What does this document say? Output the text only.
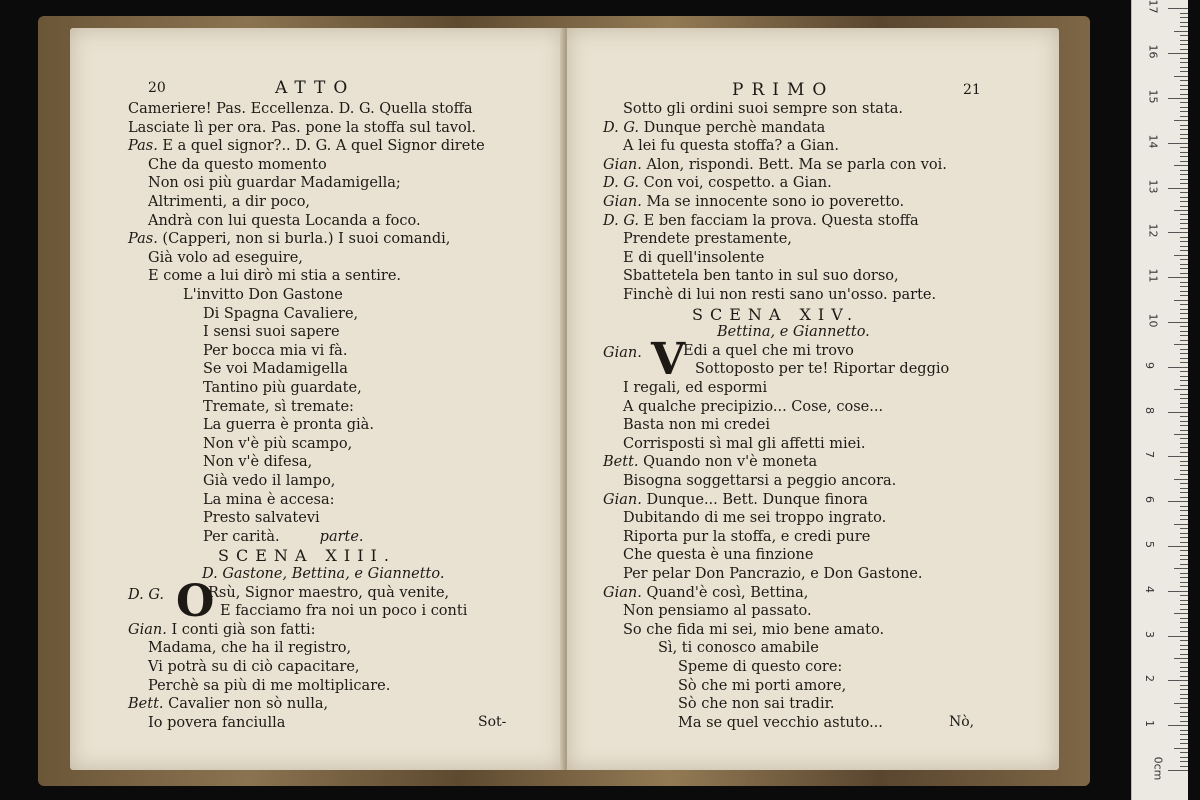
20	ATTO
Cameriere! Pas. Eccellenza. D. G. Quella stoffa
Lasciate lì per ora. Pas. pone la stoffa sul tavol.
Pas. E a quel signor?.. D. G. A quel Signor direte
Che da questo momento
Non osi più guardar Madamigella;
Altrimenti, a dir poco,
Andrà con lui questa Locanda a foco.
Pas. (Capperi, non si burla.) I suoi comandi,
Già volo ad eseguire,
E come a lui dirò mi stia a sentire.
L'invitto Don Gastone
Di Spagna Cavaliere,
I sensi suoi sapere
Per bocca mia vi fà.
Se voi Madamigella
Tantino più guardate,
Tremate, sì tremate:
La guerra è pronta già.
Non v'è più scampo,
Non v'è difesa,
Già vedo il lampo,
La mina è accesa:
Presto salvatevi
Per carità.	parte.
SCENA XIII.
D. Gastone, Bettina, e Giannetto.
D. G. O
Rsù, Signor maestro, quà venite,
E facciamo fra noi un poco i conti
Gian. I conti già son fatti:
Madama, che ha il registro,
Vi potrà su di ciò capacitare,
Perchè sa più di me moltiplicare.
Bett. Cavalier non sò nulla,
Io povera fanciulla	Sot-
PRIMO	21
Sotto gli ordini suoi sempre son stata.
D. G. Dunque perchè mandata
A lei fu questa stoffa? a Gian.
Gian. Alon, rispondi. Bett. Ma se parla con voi.
D. G. Con voi, cospetto. a Gian.
Gian. Ma se innocente sono io poveretto.
D. G. E ben facciam la prova. Questa stoffa
Prendete prestamente,
E di quell'insolente
Sbattetela ben tanto in sul suo dorso,
Finchè di lui non resti sano un'osso. parte.
SCENA XIV.
Bettina, e Giannetto.
Gian. V
Edi a quel che mi trovo
Sottoposto per te! Riportar deggio
I regali, ed espormi
A qualche precipizio... Cose, cose...
Basta non mi credei
Corrisposti sì mal gli affetti miei.
Bett. Quando non v'è moneta
Bisogna soggettarsi a peggio ancora.
Gian. Dunque... Bett. Dunque finora
Dubitando di me sei troppo ingrato.
Riporta pur la stoffa, e credi pure
Che questa è una finzione
Per pelar Don Pancrazio, e Don Gastone.
Gian. Quand'è così, Bettina,
Non pensiamo al passato.
So che fida mi sei, mio bene amato.
Sì, ti conosco amabile
Speme di questo core:
Sò che mi porti amore,
Sò che non sai tradir.
Ma se quel vecchio astuto...	Nò,
0cm
1
2
3
4
5
6
7
8
9
10
11
12
13
14
15
16
17
